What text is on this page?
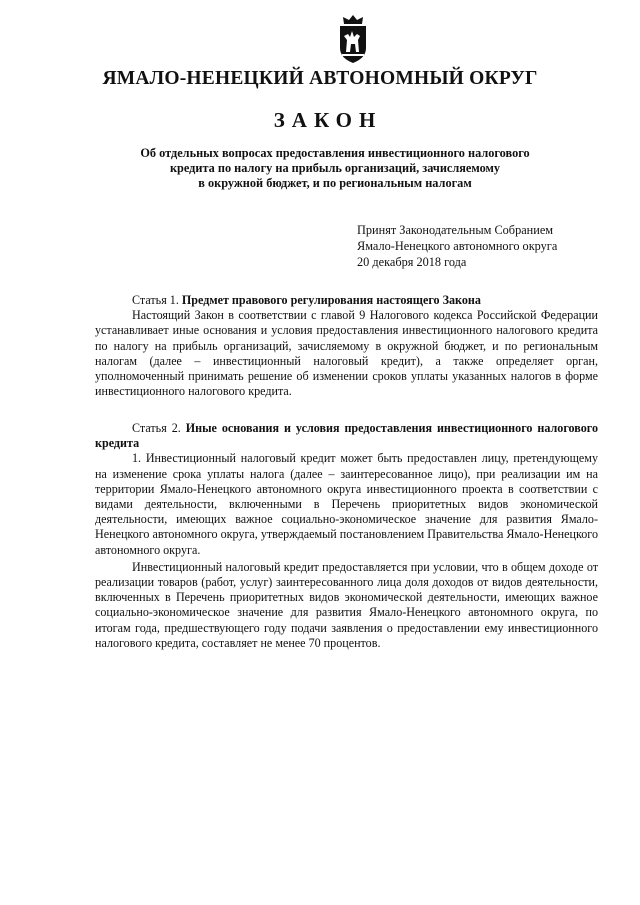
ЯМАЛО-НЕНЕЦКИЙ АВТОНОМНЫЙ ОКРУГ
ЗАКОН
Об отдельных вопросах предоставления инвестиционного налогового
кредита по налогу на прибыль организаций, зачисляемому
в окружной бюджет, и по региональным налогам
Принят Законодательным Собранием
Ямало-Ненецкого автономного округа
20 декабря 2018 года

Статья 1. Предмет правового регулирования настоящего Закона

Настоящий Закон в соответствии с главой 9 Налогового кодекса Российской Федерации устанавливает иные основания и условия предоставления инвестиционного налогового кредита по налогу на прибыль организаций, зачисляемому в окружной бюджет, и по региональным налогам (далее – инвестиционный налоговый кредит), а также определяет орган, уполномоченный принимать решение об изменении сроков уплаты указанных налогов в форме инвестиционного налогового кредита.

Статья 2. Иные основания и условия предоставления инвестиционного налогового кредита

1. Инвестиционный налоговый кредит может быть предоставлен лицу, претендующему на изменение срока уплаты налога (далее – заинтересованное лицо), при реализации им на территории Ямало-Ненецкого автономного округа инвестиционного проекта в соответствии с видами деятельности, включенными в Перечень приоритетных видов экономической деятельности, имеющих важное социально-экономическое значение для развития Ямало-Ненецкого автономного округа, утверждаемый постановлением Правительства Ямало-Ненецкого автономного округа.

Инвестиционный налоговый кредит предоставляется при условии, что в общем доходе от реализации товаров (работ, услуг) заинтересованного лица доля доходов от видов деятельности, включенных в Перечень приоритетных видов экономической деятельности, имеющих важное социально-экономическое значение для развития Ямало-Ненецкого автономного округа, по итогам года, предшествующего году подачи заявления о предоставлении ему инвестиционного налогового кредита, составляет не менее 70 процентов.
